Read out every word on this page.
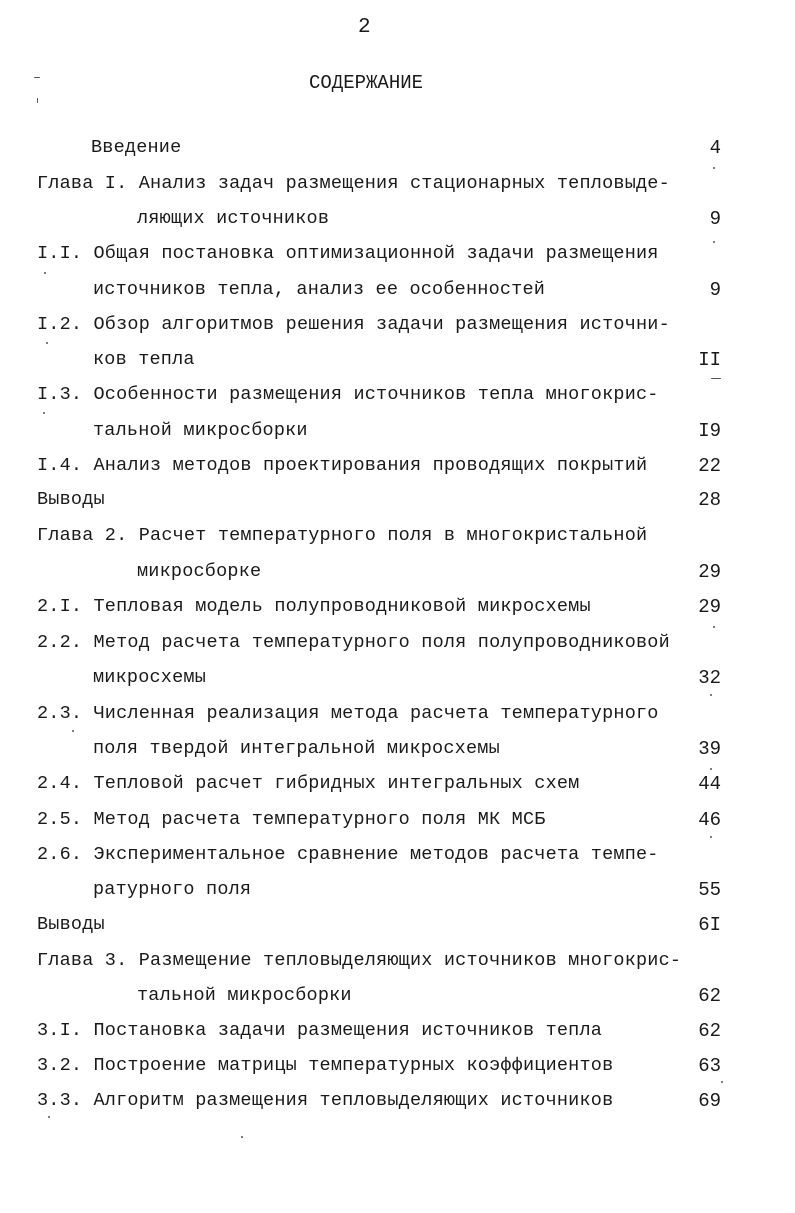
2
СОДЕРЖАНИЕ
Введение	4
Глава I. Анализ задач размещения стационарных тепловыде-
ляющих источников	9
I.I. Общая постановка оптимизационной задачи размещения
источников тепла, анализ ее особенностей	9
I.2. Обзор алгоритмов решения задачи размещения источни-
ков тепла	II
I.3. Особенности размещения источников тепла многокрис-
тальной микросборки	I9
I.4. Анализ методов проектирования проводящих покрытий	22
Выводы	28
Глава 2. Расчет температурного поля в многокристальной
микросборке	29
2.I. Тепловая модель полупроводниковой микросхемы	29
2.2. Метод расчета температурного поля полупроводниковой
микросхемы	32
2.3. Численная реализация метода расчета температурного
поля твердой интегральной микросхемы	39
2.4. Тепловой расчет гибридных интегральных схем	44
2.5. Метод расчета температурного поля МК МСБ	46
2.6. Экспериментальное сравнение методов расчета темпе-
ратурного поля	55
Выводы	6I
Глава 3. Размещение тепловыделяющих источников многокрис-
тальной микросборки	62
3.I. Постановка задачи размещения источников тепла	62
3.2. Построение матрицы температурных коэффициентов	63
3.3. Алгоритм размещения тепловыделяющих источников	69
